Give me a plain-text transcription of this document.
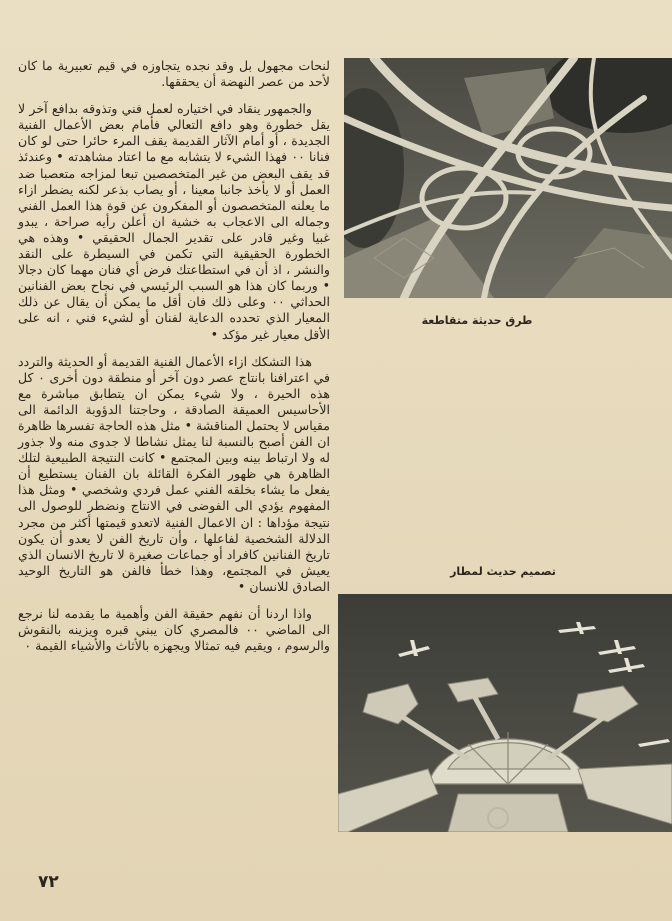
لنحات مجهول بل وقد نجده يتجاوزه في قيم تعبيرية ما كان لأحد من عصر النهضة أن يحققها.

والجمهور ينقاد في اختياره لعمل فني وتذوقه بدافع آخر لا يقل خطورة وهو دافع التعالي فأمام بعض الأعمال الفنية الجديدة ، أو أمام الآثار القديمة يقف المرء حائرا حتى لو كان فنانا ٠٠ فهذا الشيء لا يتشابه مع ما اعتاد مشاهدته • وعندئذ قد يقف البعض من غير المتخصصين تبعا لمزاجه متعصبا ضد العمل أو لا يأخذ جانبا معينا ، أو يصاب بذعر لكنه يضطر ازاء ما يعلنه المتخصصون أو المفكرون عن قوة هذا العمل الفني وجماله الى الاعجاب به خشية ان أعلن رأيه صراحة ، يبدو غبيا وغير قادر على تقدير الجمال الحقيقي • وهذه هي الخطورة الحقيقية التي تكمن في السيطرة على النقد والنشر ، اذ أن في استطاعتك فرض أي فنان مهما كان دجالا • وربما كان هذا هو السبب الرئيسي في نجاح بعض الفنانين الحداثي ٠٠ وعلى ذلك فان أقل ما يمكن أن يقال عن ذلك المعيار الذي تحدده الدعاية لفنان أو لشيء فني ، انه على الأقل معيار غير مؤكد •

هذا التشكك ازاء الأعمال الفنية القديمة أو الحديثة والتردد في اعترافنا بانتاج عصر دون آخر أو منطقة دون أخرى ٠ كل هذه الحيرة ، ولا شيء يمكن ان يتطابق مباشرة مع الأحاسيس العميقة الصادقة ، وحاجتنا الدؤوبة الدائمة الى مقياس لا يحتمل المناقشة • مثل هذه الحاجة تفسرها ظاهرة ان الفن أصبح بالنسبة لنا يمثل نشاطا لا جدوى منه ولا جذور له ولا ارتباط بينه وبين المجتمع • كانت النتيجة الطبيعية لتلك الظاهرة هي ظهور الفكرة القائلة بان الفنان يستطيع أن يفعل ما يشاء بخلقه الفني عمل فردي وشخصي • ومثل هذا المفهوم يؤدي الى الفوضى في الانتاج ونضطر للوصول الى نتيجة مؤداها : ان الاعمال الفنية لاتعدو قيمتها أكثر من مجرد الدلالة الشخصية لفاعلها ، وأن تاريخ الفن لا يعدو أن يكون تاريخ الفنانين كافراد أو جماعات صغيرة لا تاريخ الانسان الذي يعيش في المجتمع، وهذا خطأ فالفن هو التاريخ الوحيد الصادق للانسان •

واذا اردنا أن نفهم حقيقة الفن وأهمية ما يقدمه لنا نرجع الى الماضي ٠٠ فالمصري كان يبني قبره ويزينه بالنقوش والرسوم ، ويقيم فيه تمثالا ويجهزه بالأثاث والأشياء القيمة ٠

طرق حديثة متقاطعة
تصميم حديث لمطار
٧٢
